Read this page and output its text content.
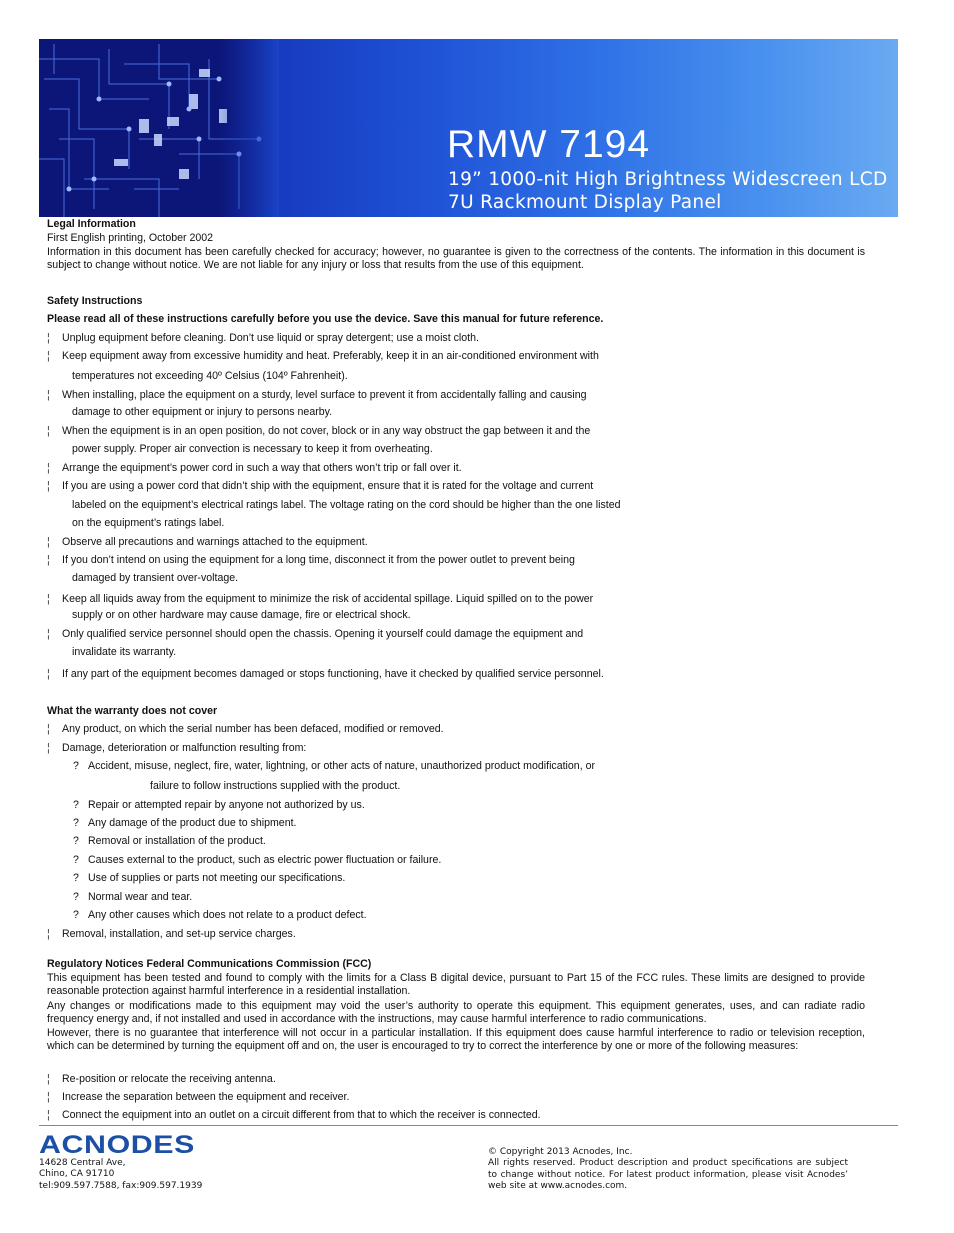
RMW 7194
19” 1000-nit High Brightness Widescreen LCD
7U Rackmount Display Panel
Legal Information
First English printing, October 2002
Information in this document has been carefully checked for accuracy; however, no guarantee is given to the correctness of the contents. The information in this document is subject to change without notice. We are not liable for any injury or loss that results from the use of this equipment.
Safety Instructions
Please read all of these instructions carefully before you use the device. Save this manual for future reference.
¦ Unplug equipment before cleaning. Don’t use liquid or spray detergent; use a moist cloth.
¦ Keep equipment away from excessive humidity and heat. Preferably, keep it in an air-conditioned environment with
temperatures not exceeding 40º Celsius (104º Fahrenheit).
¦ When installing, place the equipment on a sturdy, level surface to prevent it from accidentally falling and causing
damage to other equipment or injury to persons nearby.
¦ When the equipment is in an open position, do not cover, block or in any way obstruct the gap between it and the
power supply. Proper air convection is necessary to keep it from overheating.
¦ Arrange the equipment’s power cord in such a way that others won’t trip or fall over it.
¦ If you are using a power cord that didn’t ship with the equipment, ensure that it is rated for the voltage and current
labeled on the equipment’s electrical ratings label. The voltage rating on the cord should be higher than the one listed
on the equipment’s ratings label.
¦ Observe all precautions and warnings attached to the equipment.
¦ If you don’t intend on using the equipment for a long time, disconnect it from the power outlet to prevent being
damaged by transient over-voltage.
¦ Keep all liquids away from the equipment to minimize the risk of accidental spillage. Liquid spilled on to the power
supply or on other hardware may cause damage, fire or electrical shock.
¦ Only qualified service personnel should open the chassis. Opening it yourself could damage the equipment and
invalidate its warranty.
¦ If any part of the equipment becomes damaged or stops functioning, have it checked by qualified service personnel.
What the warranty does not cover
¦ Any product, on which the serial number has been defaced, modified or removed.
¦ Damage, deterioration or malfunction resulting from:
? Accident, misuse, neglect, fire, water, lightning, or other acts of nature, unauthorized product modification, or
failure to follow instructions supplied with the product.
? Repair or attempted repair by anyone not authorized by us.
? Any damage of the product due to shipment.
? Removal or installation of the product.
? Causes external to the product, such as electric power fluctuation or failure.
? Use of supplies or parts not meeting our specifications.
? Normal wear and tear.
? Any other causes which does not relate to a product defect.
¦ Removal, installation, and set-up service charges.
Regulatory Notices Federal Communications Commission (FCC)
This equipment has been tested and found to comply with the limits for a Class B digital device, pursuant to Part 15 of the FCC rules. These limits are designed to provide reasonable protection against harmful interference in a residential installation.
Any changes or modifications made to this equipment may void the user’s authority to operate this equipment. This equipment generates, uses, and can radiate radio frequency energy and, if not installed and used in accordance with the instructions, may cause harmful interference to radio communications.
However, there is no guarantee that interference will not occur in a particular installation. If this equipment does cause harmful interference to radio or television reception, which can be determined by turning the equipment off and on, the user is encouraged to try to correct the interference by one or more of the following measures:
¦ Re-position or relocate the receiving antenna.
¦ Increase the separation between the equipment and receiver.
¦ Connect the equipment into an outlet on a circuit different from that to which the receiver is connected.
ACNODES
14628 Central Ave,
Chino, CA 91710
tel:909.597.7588, fax:909.597.1939
© Copyright 2013 Acnodes, Inc.
All rights reserved. Product description and product specifications are subject to change without notice. For latest product information, please visit Acnodes’ web site at www.acnodes.com.
